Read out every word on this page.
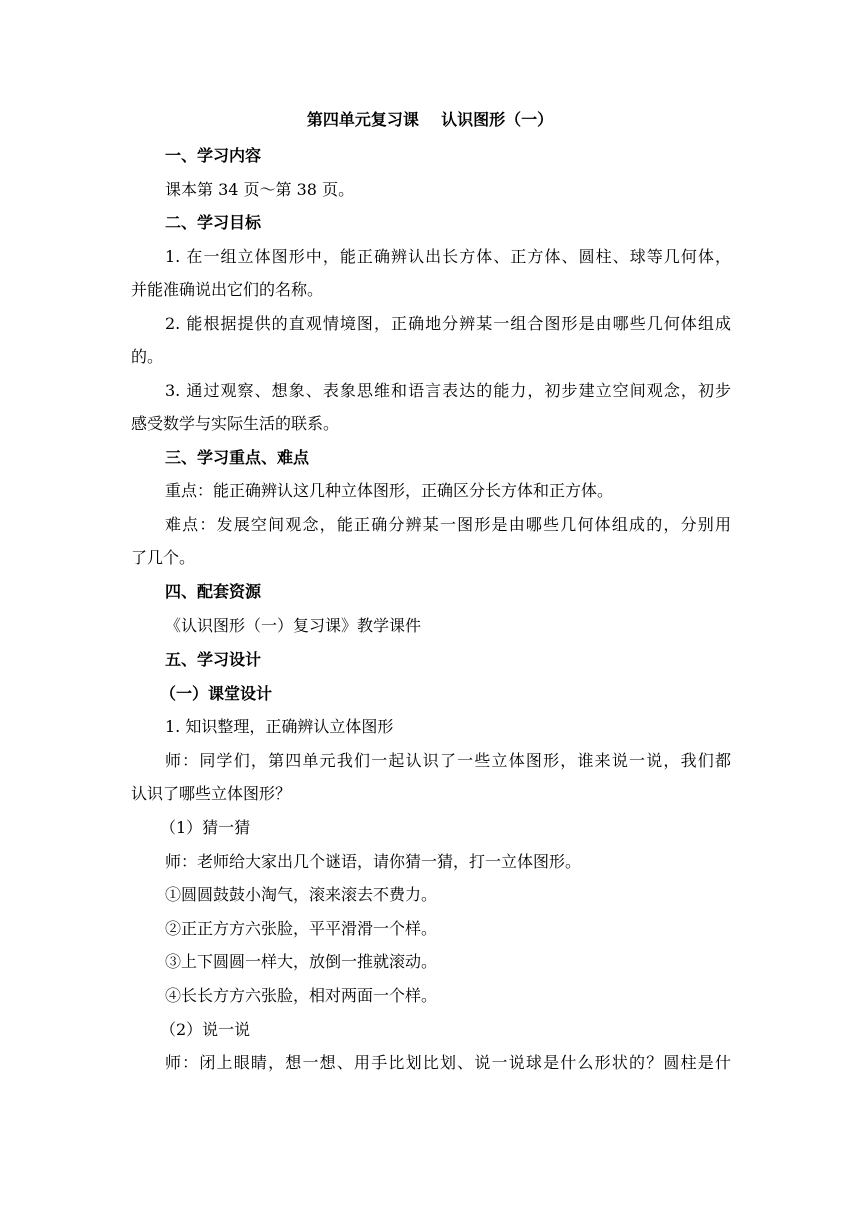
第四单元复习课    认识图形（一）
一、学习内容
课本第 34 页～第 38 页。
二、学习目标
1. 在一组立体图形中，能正确辨认出长方体、正方体、圆柱、球等几何体，
并能准确说出它们的名称。
2. 能根据提供的直观情境图，正确地分辨某一组合图形是由哪些几何体组成
的。
3. 通过观察、想象、表象思维和语言表达的能力，初步建立空间观念，初步
感受数学与实际生活的联系。
三、学习重点、难点
重点：能正确辨认这几种立体图形，正确区分长方体和正方体。
难点：发展空间观念，能正确分辨某一图形是由哪些几何体组成的，分别用
了几个。
四、配套资源
《认识图形（一）复习课》教学课件
五、学习设计
（一）课堂设计
1. 知识整理，正确辨认立体图形
师：同学们，第四单元我们一起认识了一些立体图形，谁来说一说，我们都
认识了哪些立体图形？
（1）猜一猜
师：老师给大家出几个谜语，请你猜一猜，打一立体图形。
①圆圆鼓鼓小淘气，滚来滚去不费力。
②正正方方六张脸，平平滑滑一个样。
③上下圆圆一样大，放倒一推就滚动。
④长长方方六张脸，相对两面一个样。
（2）说一说
师：闭上眼睛，想一想、用手比划比划、说一说球是什么形状的？圆柱是什
